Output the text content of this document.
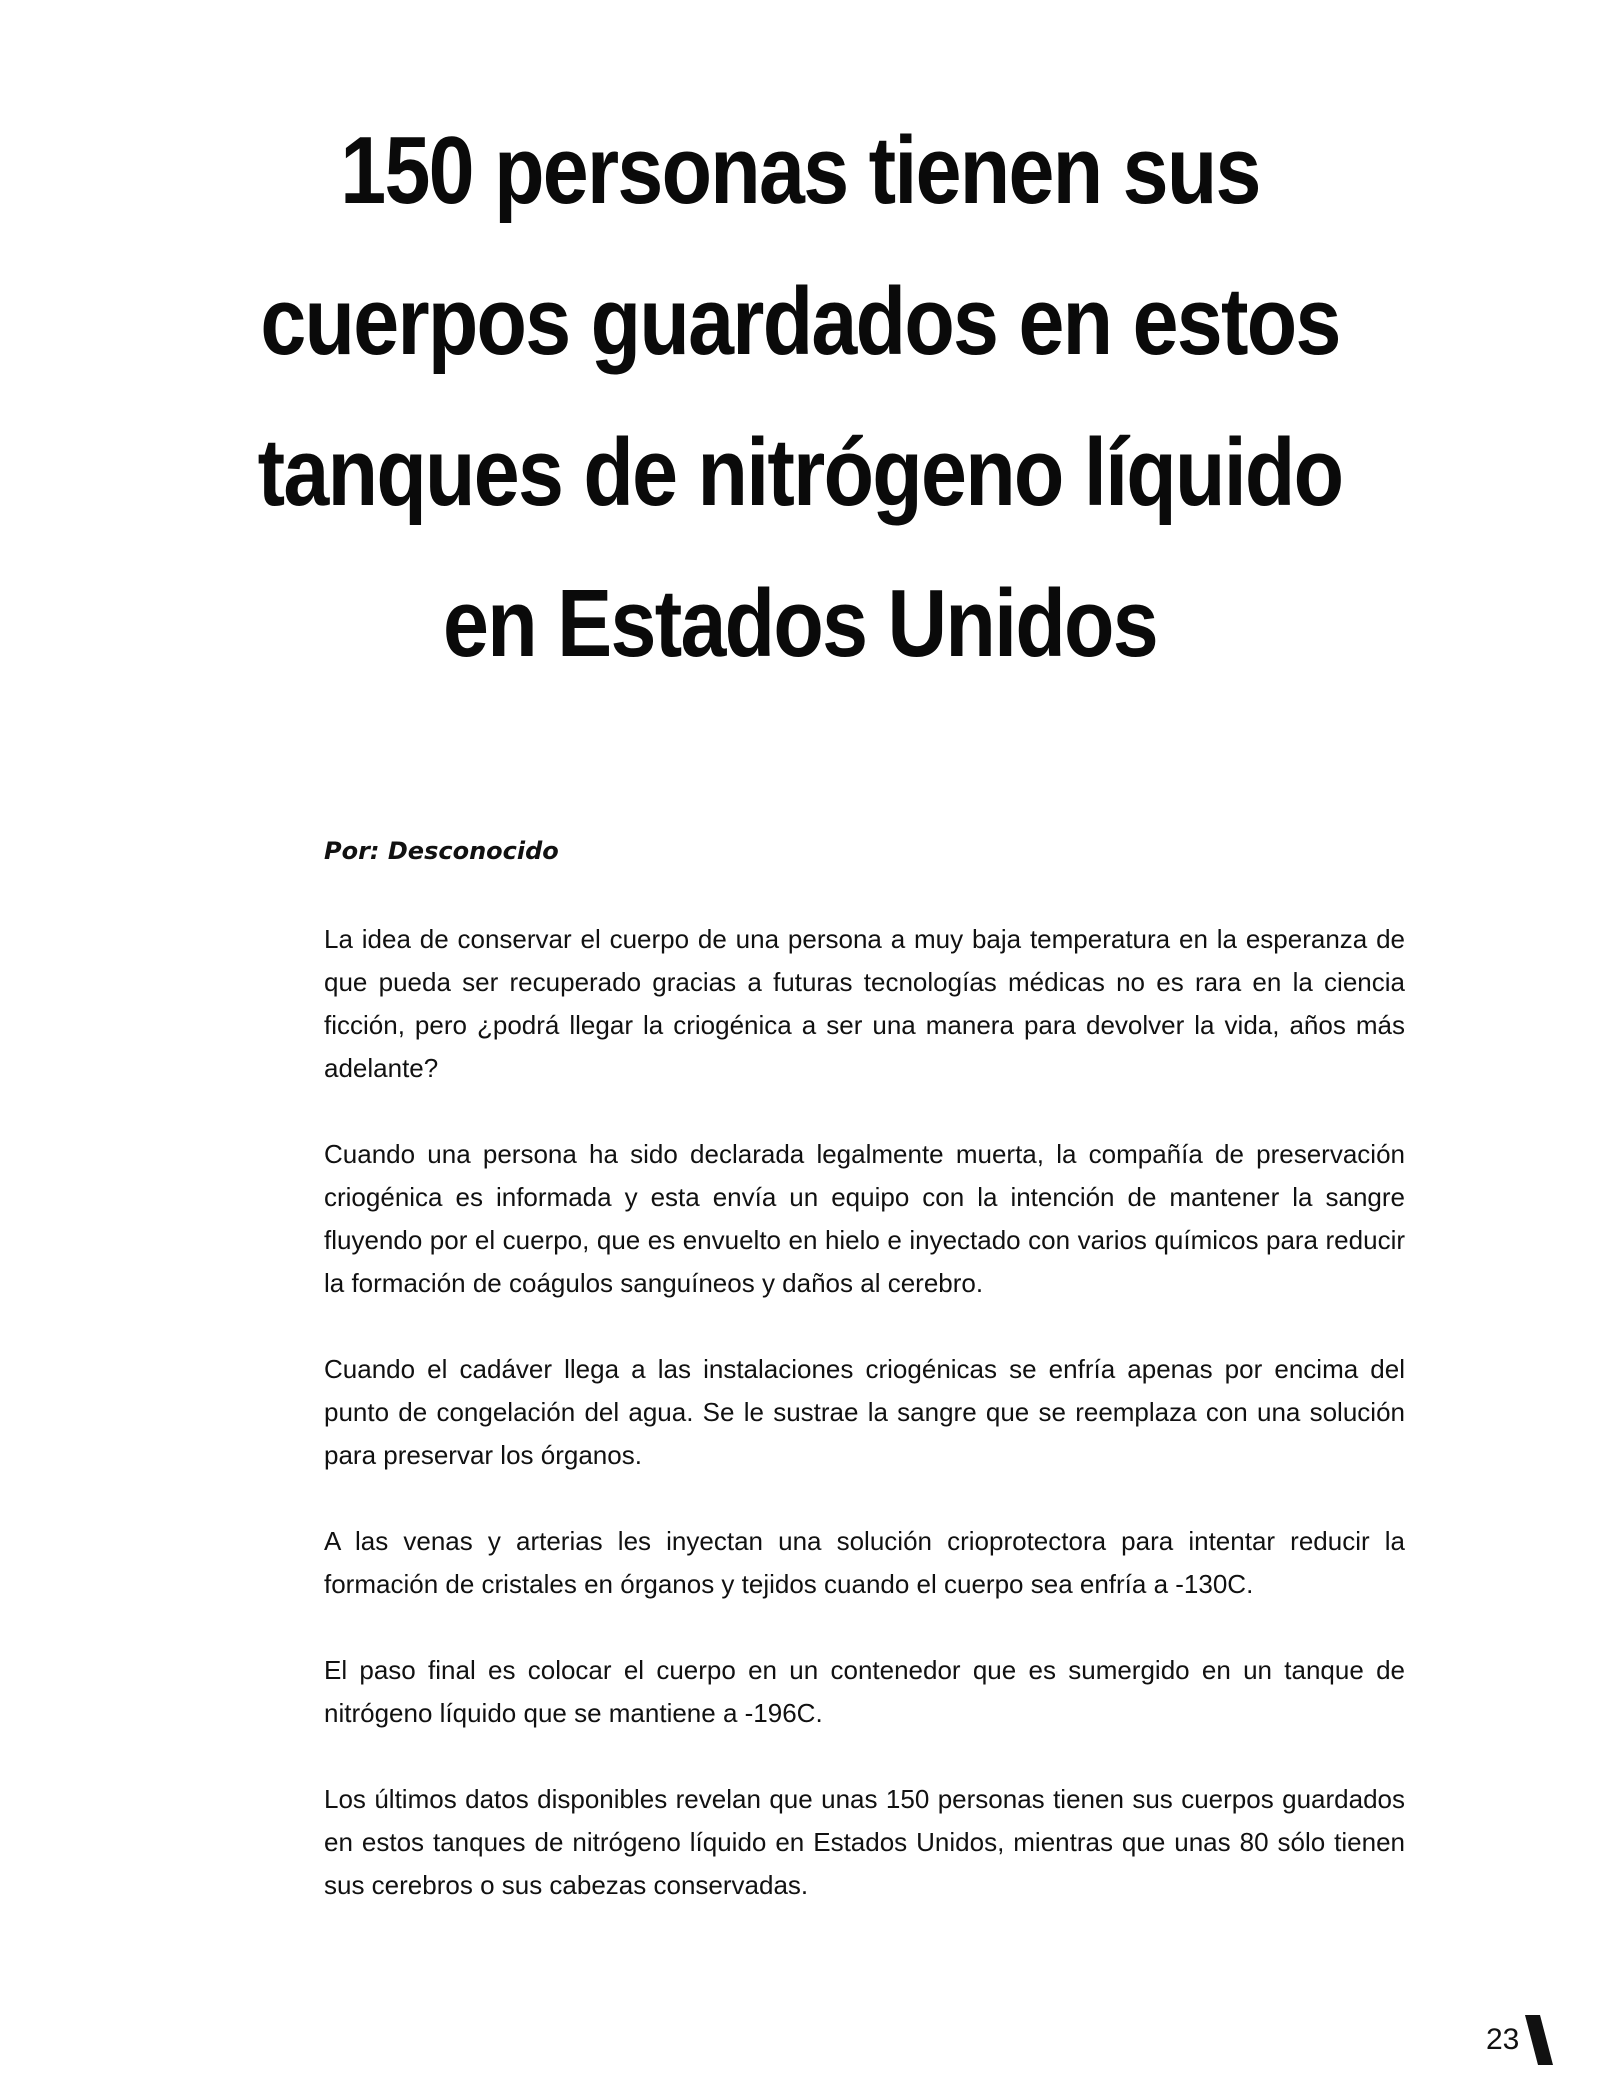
150 personas tienen sus
cuerpos guardados en estos
tanques de nitrógeno líquido
en Estados Unidos

Por: Desconocido

La idea de conservar el cuerpo de una persona a muy baja temperatura en la esperanza de que pueda ser recuperado gracias a futuras tecnologías médicas no es rara en la ciencia ficción, pero ¿podrá llegar la criogénica a ser una manera para devolver la vida, años más adelante?

Cuando una persona ha sido declarada legalmente muerta, la compañía de preservación criogénica es informada y esta envía un equipo con la intención de mantener la sangre fluyendo por el cuerpo, que es envuelto en hielo e inyectado con varios químicos para reducir la formación de coágulos sanguíneos y daños al cerebro.

Cuando el cadáver llega a las instalaciones criogénicas se enfría apenas por encima del punto de congelación del agua. Se le sustrae la sangre que se reemplaza con una solución para preservar los órganos.

A las venas y arterias les inyectan una solución crioprotectora para intentar reducir la formación de cristales en órganos y tejidos cuando el cuerpo sea enfría a -130C.

El paso final es colocar el cuerpo en un contenedor que es sumergido en un tanque de nitrógeno líquido que se mantiene a -196C.

Los últimos datos disponibles revelan que unas 150 personas tienen sus cuerpos guardados en estos tanques de nitrógeno líquido en Estados Unidos, mientras que unas 80 sólo tienen sus cerebros o sus cabezas conservadas.

23
